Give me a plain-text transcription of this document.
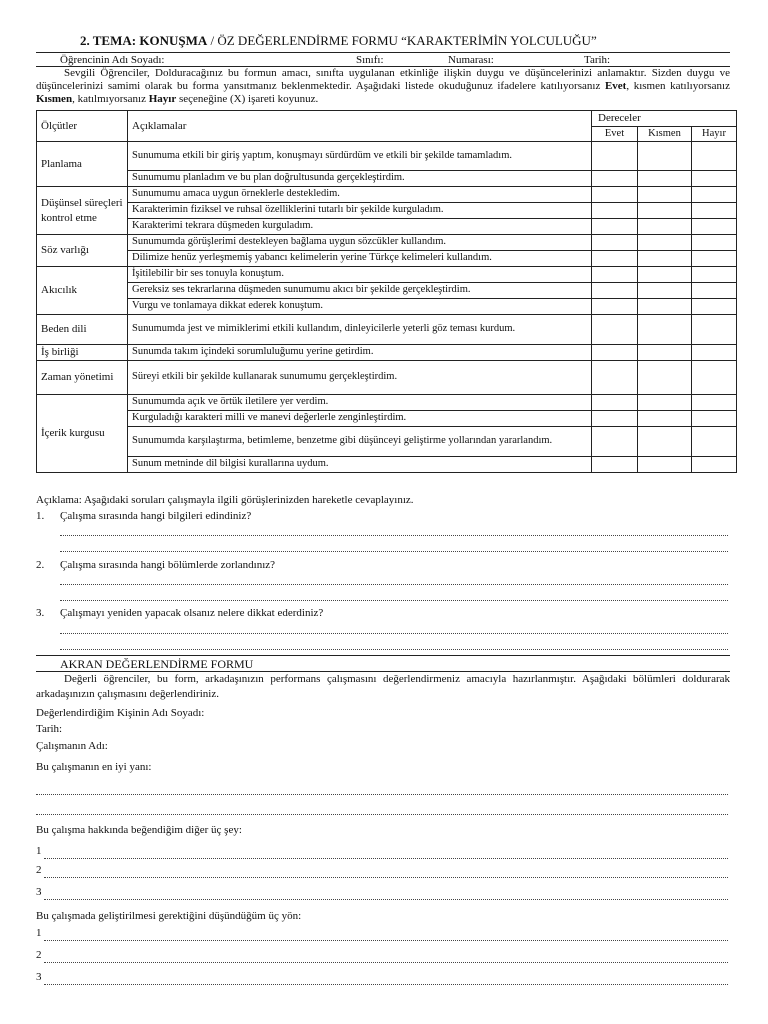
2. TEMA: KONUŞMA / ÖZ DEĞERLENDİRME FORMU “KARAKTERİMİN YOLCULUĞU”
Öğrencinin Adı Soyadı:	Sınıfı:	Numarası:	Tarih:

Sevgili Öğrenciler, Dolduracağınız bu formun amacı, sınıfta uygulanan etkinliğe ilişkin duygu ve düşüncelerinizi anlamaktır. Sizden duygu ve düşüncelerinizi samimi olarak bu forma yansıtmanız beklenmektedir. Aşağıdaki listede okuduğunuz ifadelere katılıyorsanız Evet, kısmen katılıyorsanız Kısmen, katılmıyorsanız Hayır seçeneğine (X) işareti koyunuz.

Ölçütler	Açıklamalar	Dereceler		
		Evet	Kısmen	Hayır
Planlama	Sunumuma etkili bir giriş yaptım, konuşmayı sürdürdüm ve etkili bir şekilde tamamladım.			
	Sunumumu planladım ve bu plan doğrultusunda gerçekleştirdim.			
Düşünsel süreçleri kontrol etme	Sunumumu amaca uygun örneklerle destekledim.			
	Karakterimin fiziksel ve ruhsal özelliklerini tutarlı bir şekilde kurguladım.			
	Karakterimi tekrara düşmeden kurguladım.			
Söz varlığı	Sunumumda görüşlerimi destekleyen bağlama uygun sözcükler kullandım.			
	Dilimize henüz yerleşmemiş yabancı kelimelerin yerine Türkçe kelimeleri kullandım.			
Akıcılık	İşitilebilir bir ses tonuyla konuştum.			
	Gereksiz ses tekrarlarına düşmeden sunumumu akıcı bir şekilde gerçekleştirdim.			
	Vurgu ve tonlamaya dikkat ederek konuştum.			
Beden dili	Sunumumda jest ve mimiklerimi etkili kullandım, dinleyicilerle yeterli göz teması kurdum.			
İş birliği	Sunumda takım içindeki sorumluluğumu yerine getirdim.			
Zaman yönetimi	Süreyi etkili bir şekilde kullanarak sunumumu gerçekleştirdim.			
İçerik kurgusu	Sunumumda açık ve örtük iletilere yer verdim.			
	Kurguladığı karakteri milli ve manevi değerlerle zenginleştirdim.			
	Sunumumda karşılaştırma, betimleme, benzetme gibi düşünceyi geliştirme yollarından yararlandım.			
	Sunum metninde dil bilgisi kurallarına uydum.			
Açıklama: Aşağıdaki soruları çalışmayla ilgili görüşlerinizden hareketle cevaplayınız.
1. Çalışma sırasında hangi bilgileri edindiniz?
2. Çalışma sırasında hangi bölümlerde zorlandınız?
3. Çalışmayı yeniden yapacak olsanız nelere dikkat ederdiniz?
AKRAN DEĞERLENDİRME FORMU

Değerli öğrenciler, bu form, arkadaşınızın performans çalışmasını değerlendirmeniz amacıyla hazırlanmıştır. Aşağıdaki bölümleri doldurarak arkadaşınızın çalışmasını değerlendiriniz.

Değerlendirdiğim Kişinin Adı Soyadı:
Tarih:
Çalışmanın Adı:
Bu çalışmanın en iyi yanı:
Bu çalışma hakkında beğendiğim diğer üç şey:
1
2
3
Bu çalışmada geliştirilmesi gerektiğini düşündüğüm üç yön:
1
2
3
